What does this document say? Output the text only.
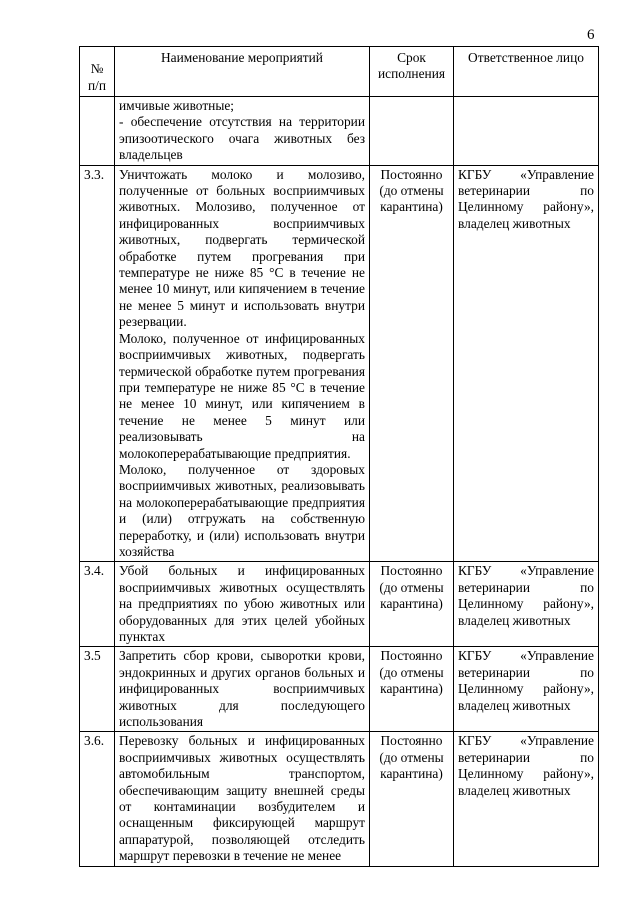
6
№
п/п	Наименование мероприятий	Срок исполнения	Ответственное лицо

	имчивые животные;
- обеспечение отсутствия на территории эпизоотического очага животных без владельцев		

3.3.	Уничтожать молоко и молозиво, полученные от больных восприимчивых животных. Молозиво, полученное от инфицированных восприимчивых животных, подвергать термической обработке путем прогревания при температуре не ниже 85 °С в течение не менее 10 минут, или кипячением в течение не менее 5 минут и использовать внутри резервации.
Молоко, полученное от инфицированных восприимчивых животных, подвергать термической обработке путем прогревания при температуре не ниже 85 °С в течение не менее 10 минут, или кипячением в течение не менее 5 минут или реализовывать на молокоперерабатывающие предприятия.
Молоко, полученное от здоровых восприимчивых животных, реализовывать на молокоперерабатывающие предприятия и (или) отгружать на собственную переработку, и (или) использовать внутри хозяйства	Постоянно (до отмены карантина)	КГБУ «Управление ветеринарии по Целинному району», владелец животных
3.4.	Убой больных и инфицированных восприимчивых животных осуществлять на предприятиях по убою животных или оборудованных для этих целей убойных пунктах	Постоянно (до отмены карантина)	КГБУ «Управление ветеринарии по Целинному району», владелец животных
3.5	Запретить сбор крови, сыворотки крови, эндокринных и других органов больных и инфицированных восприимчивых животных для последующего использования	Постоянно (до отмены карантина)	КГБУ «Управление ветеринарии по Целинному району», владелец животных
3.6.	Перевозку больных и инфицированных восприимчивых животных осуществлять автомобильным транспортом, обеспечивающим защиту внешней среды от контаминации возбудителем и оснащенным фиксирующей маршрут аппаратурой, позволяющей отследить маршрут перевозки в течение не менее	Постоянно (до отмены карантина)	КГБУ «Управление ветеринарии по Целинному району», владелец животных
